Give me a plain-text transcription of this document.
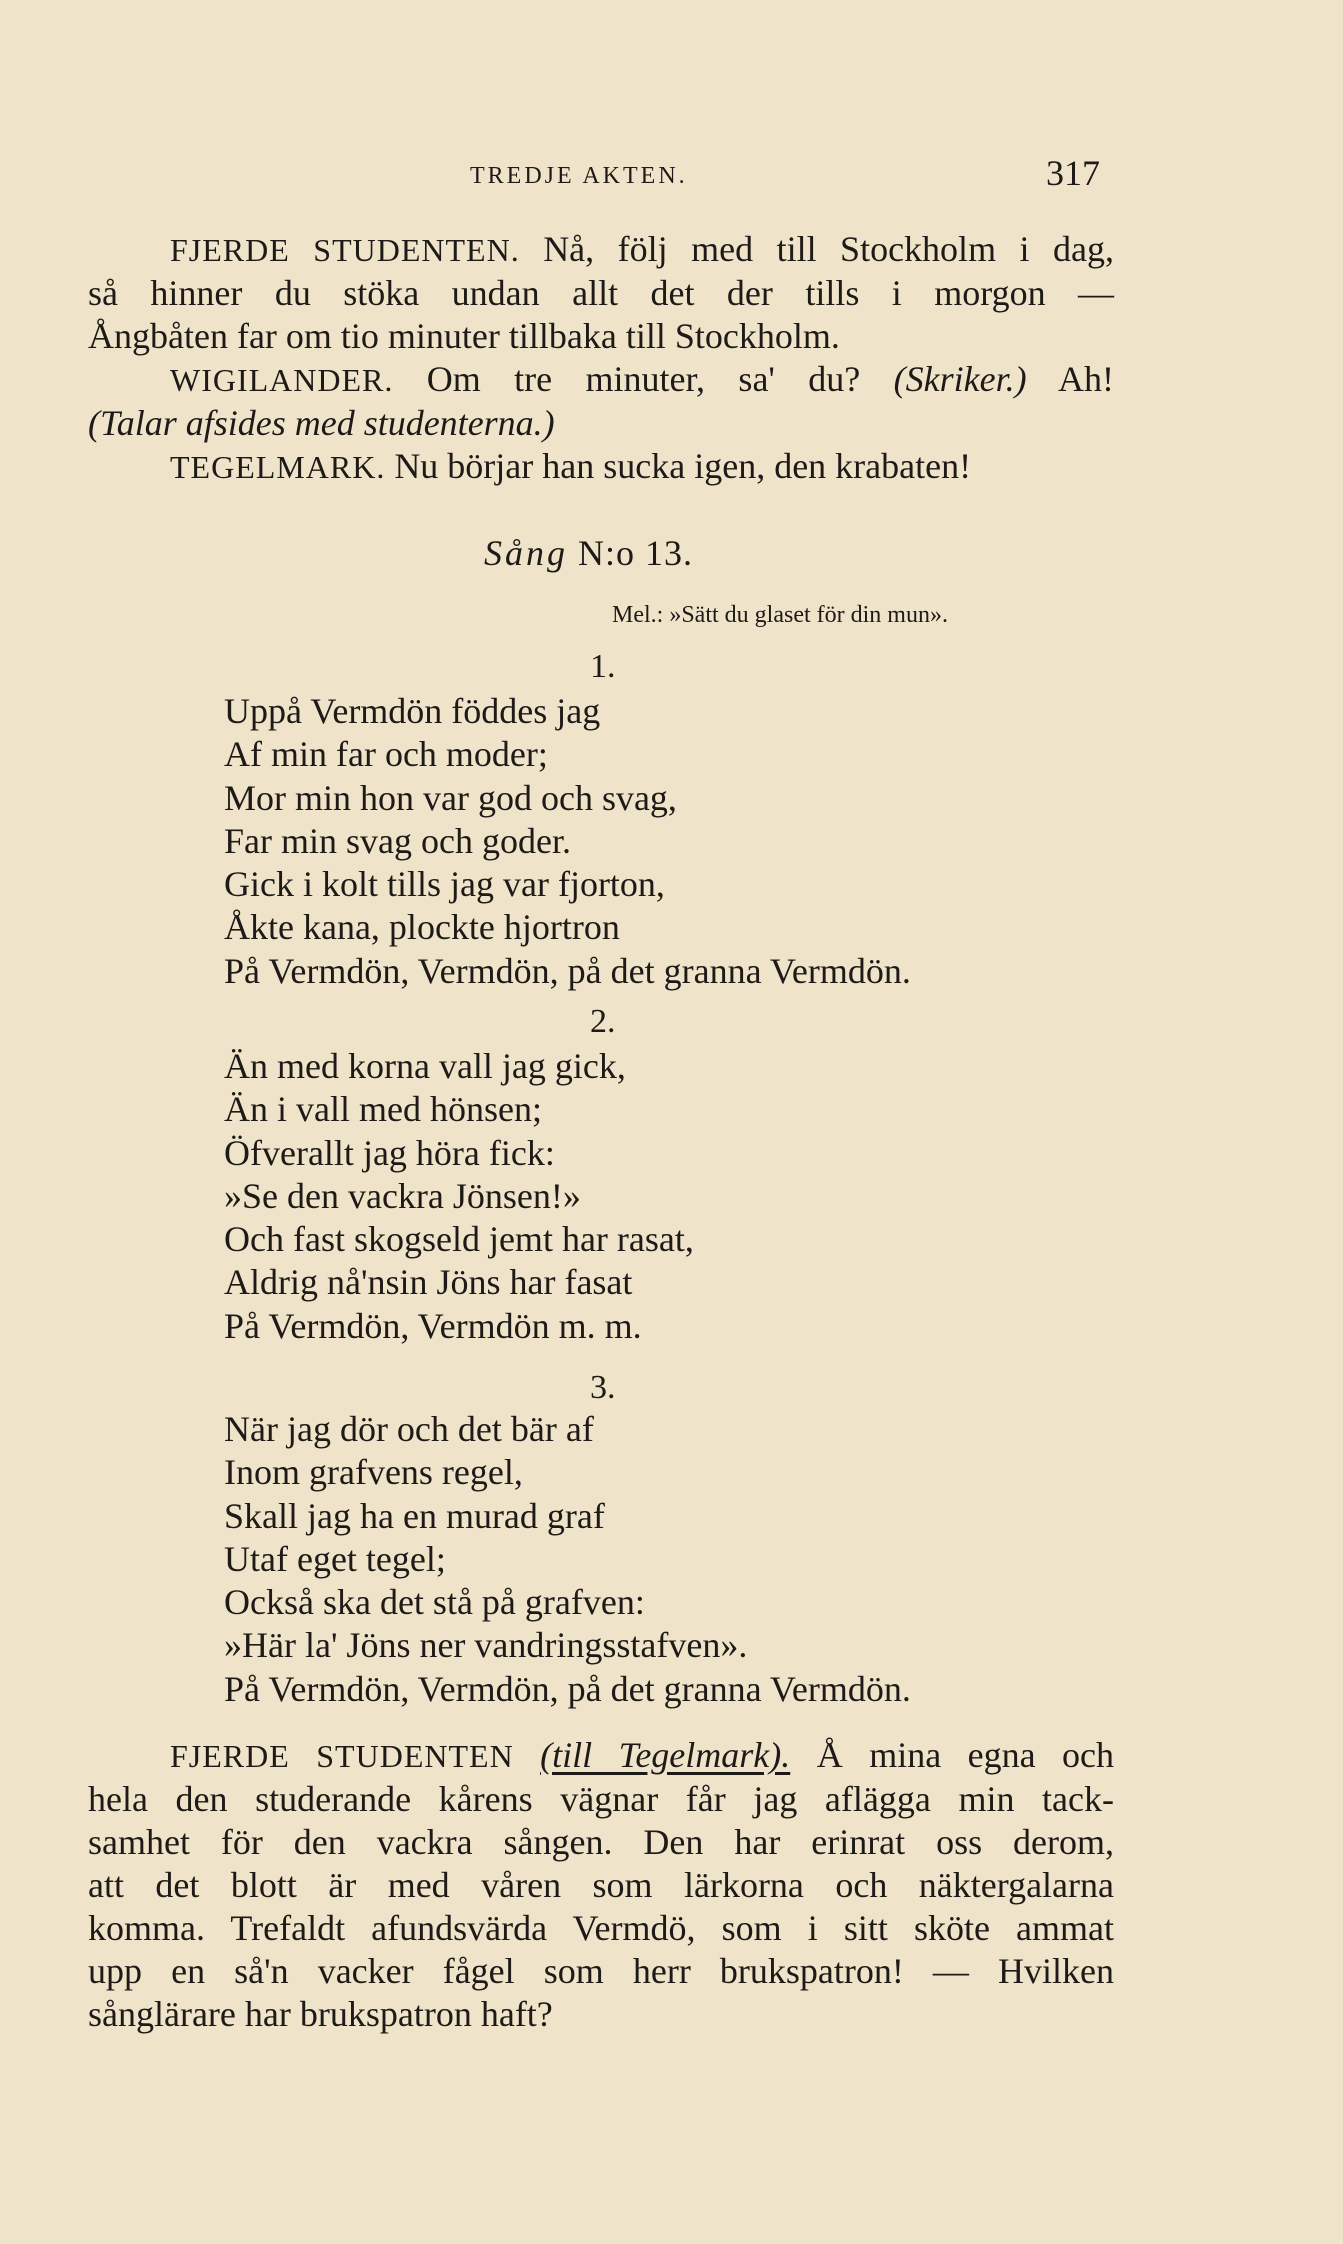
TREDJE AKTEN.	317
FJERDE STUDENTEN. Nå, följ med till Stockholm i dag,
så hinner du stöka undan allt det der tills i morgon —
Ångbåten far om tio minuter tillbaka till Stockholm.
WIGILANDER. Om tre minuter, sa' du? (Skriker.) Ah!
(Talar afsides med studenterna.)
TEGELMARK. Nu börjar han sucka igen, den krabaten!
Sång N:o 13.
Mel.: »Sätt du glaset för din mun».
1.
Uppå Vermdön föddes jag
Af min far och moder;
Mor min hon var god och svag,
Far min svag och goder.
Gick i kolt tills jag var fjorton,
Åkte kana, plockte hjortron
På Vermdön, Vermdön, på det granna Vermdön.
2.
Än med korna vall jag gick,
Än i vall med hönsen;
Öfverallt jag höra fick:
»Se den vackra Jönsen!»
Och fast skogseld jemt har rasat,
Aldrig nå'nsin Jöns har fasat
På Vermdön, Vermdön m. m.
3.
När jag dör och det bär af
Inom grafvens regel,
Skall jag ha en murad graf
Utaf eget tegel;
Också ska det stå på grafven:
»Här la' Jöns ner vandringsstafven».
På Vermdön, Vermdön, på det granna Vermdön.
FJERDE STUDENTEN (till Tegelmark). Å mina egna och
hela den studerande kårens vägnar får jag aflägga min tack-
samhet för den vackra sången. Den har erinrat oss derom,
att det blott är med våren som lärkorna och näktergalarna
komma. Trefaldt afundsvärda Vermdö, som i sitt sköte ammat
upp en så'n vacker fågel som herr brukspatron! — Hvilken
sånglärare har brukspatron haft?
